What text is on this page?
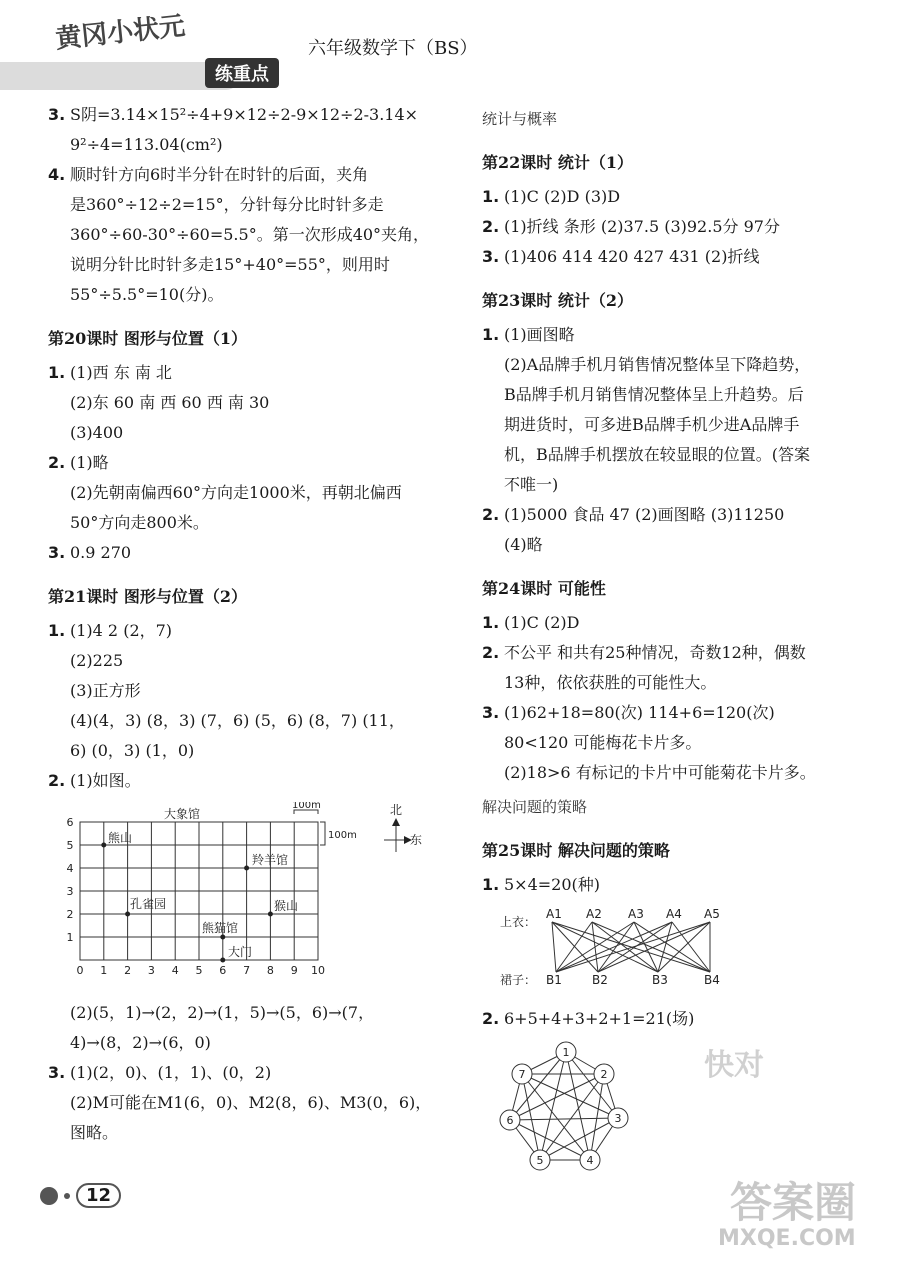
黄冈小状元
练重点
六年级数学下（BS）
3. S阴=3.14×15²÷4+9×12÷2-9×12÷2-3.14×
9²÷4=113.04(cm²)
4. 顺时针方向6时半分针在时针的后面，夹角
是360°÷12÷2=15°，分针每分比时针多走
360°÷60-30°÷60=5.5°。第一次形成40°夹角，
说明分针比时针多走15°+40°=55°，则用时
55°÷5.5°=10(分)。
第20课时 图形与位置（1）
1. (1)西 东 南 北
(2)东 60 南 西 60 西 南 30
(3)400
2. (1)略
(2)先朝南偏西60°方向走1000米，再朝北偏西
50°方向走800米。
3. 0.9 270
第21课时 图形与位置（2）
1. (1)4 2 (2，7)
(2)225
(3)正方形
(4)(4，3) (8，3) (7，6) (5，6) (8，7) (11，
6) (0，3) (1，0)
2. (1)如图。
大象馆
熊山
羚羊馆
孔雀园	猴山
熊猫馆
大门
100m
100m
北
东
0 1 2 3 4 5 6 7 8 9 10
1
2
3
4
5
6
(2)(5，1)→(2，2)→(1，5)→(5，6)→(7，
4)→(8，2)→(6，0)
3. (1)(2，0)、(1，1)、(0，2)
(2)M可能在M1(6，0)、M2(8，6)、M3(0，6)，
图略。
统计与概率
第22课时 统计（1）
1. (1)C (2)D (3)D
2. (1)折线 条形 (2)37.5 (3)92.5分 97分
3. (1)406 414 420 427 431 (2)折线
第23课时 统计（2）
1. (1)画图略
(2)A品牌手机月销售情况整体呈下降趋势，
B品牌手机月销售情况整体呈上升趋势。后
期进货时，可多进B品牌手机少进A品牌手
机，B品牌手机摆放在较显眼的位置。(答案
不唯一)
2. (1)5000 食品 47 (2)画图略 (3)11250
(4)略
第24课时 可能性
1. (1)C (2)D
2. 不公平 和共有25种情况，奇数12种，偶数
13种，依依获胜的可能性大。
3. (1)62+18=80(次) 114+6=120(次)
80<120 可能梅花卡片多。
(2)18>6 有标记的卡片中可能菊花卡片多。
解决问题的策略
第25课时 解决问题的策略
1. 5×4=20(种)
上衣：
裙子：
A1 A2 A3 A4 A5
B1	B2	B3	B4
2. 6+5+4+3+2+1=21(场)
1
2
3
4
5
6
7	快对
答案圈
MXQE.COM
12
